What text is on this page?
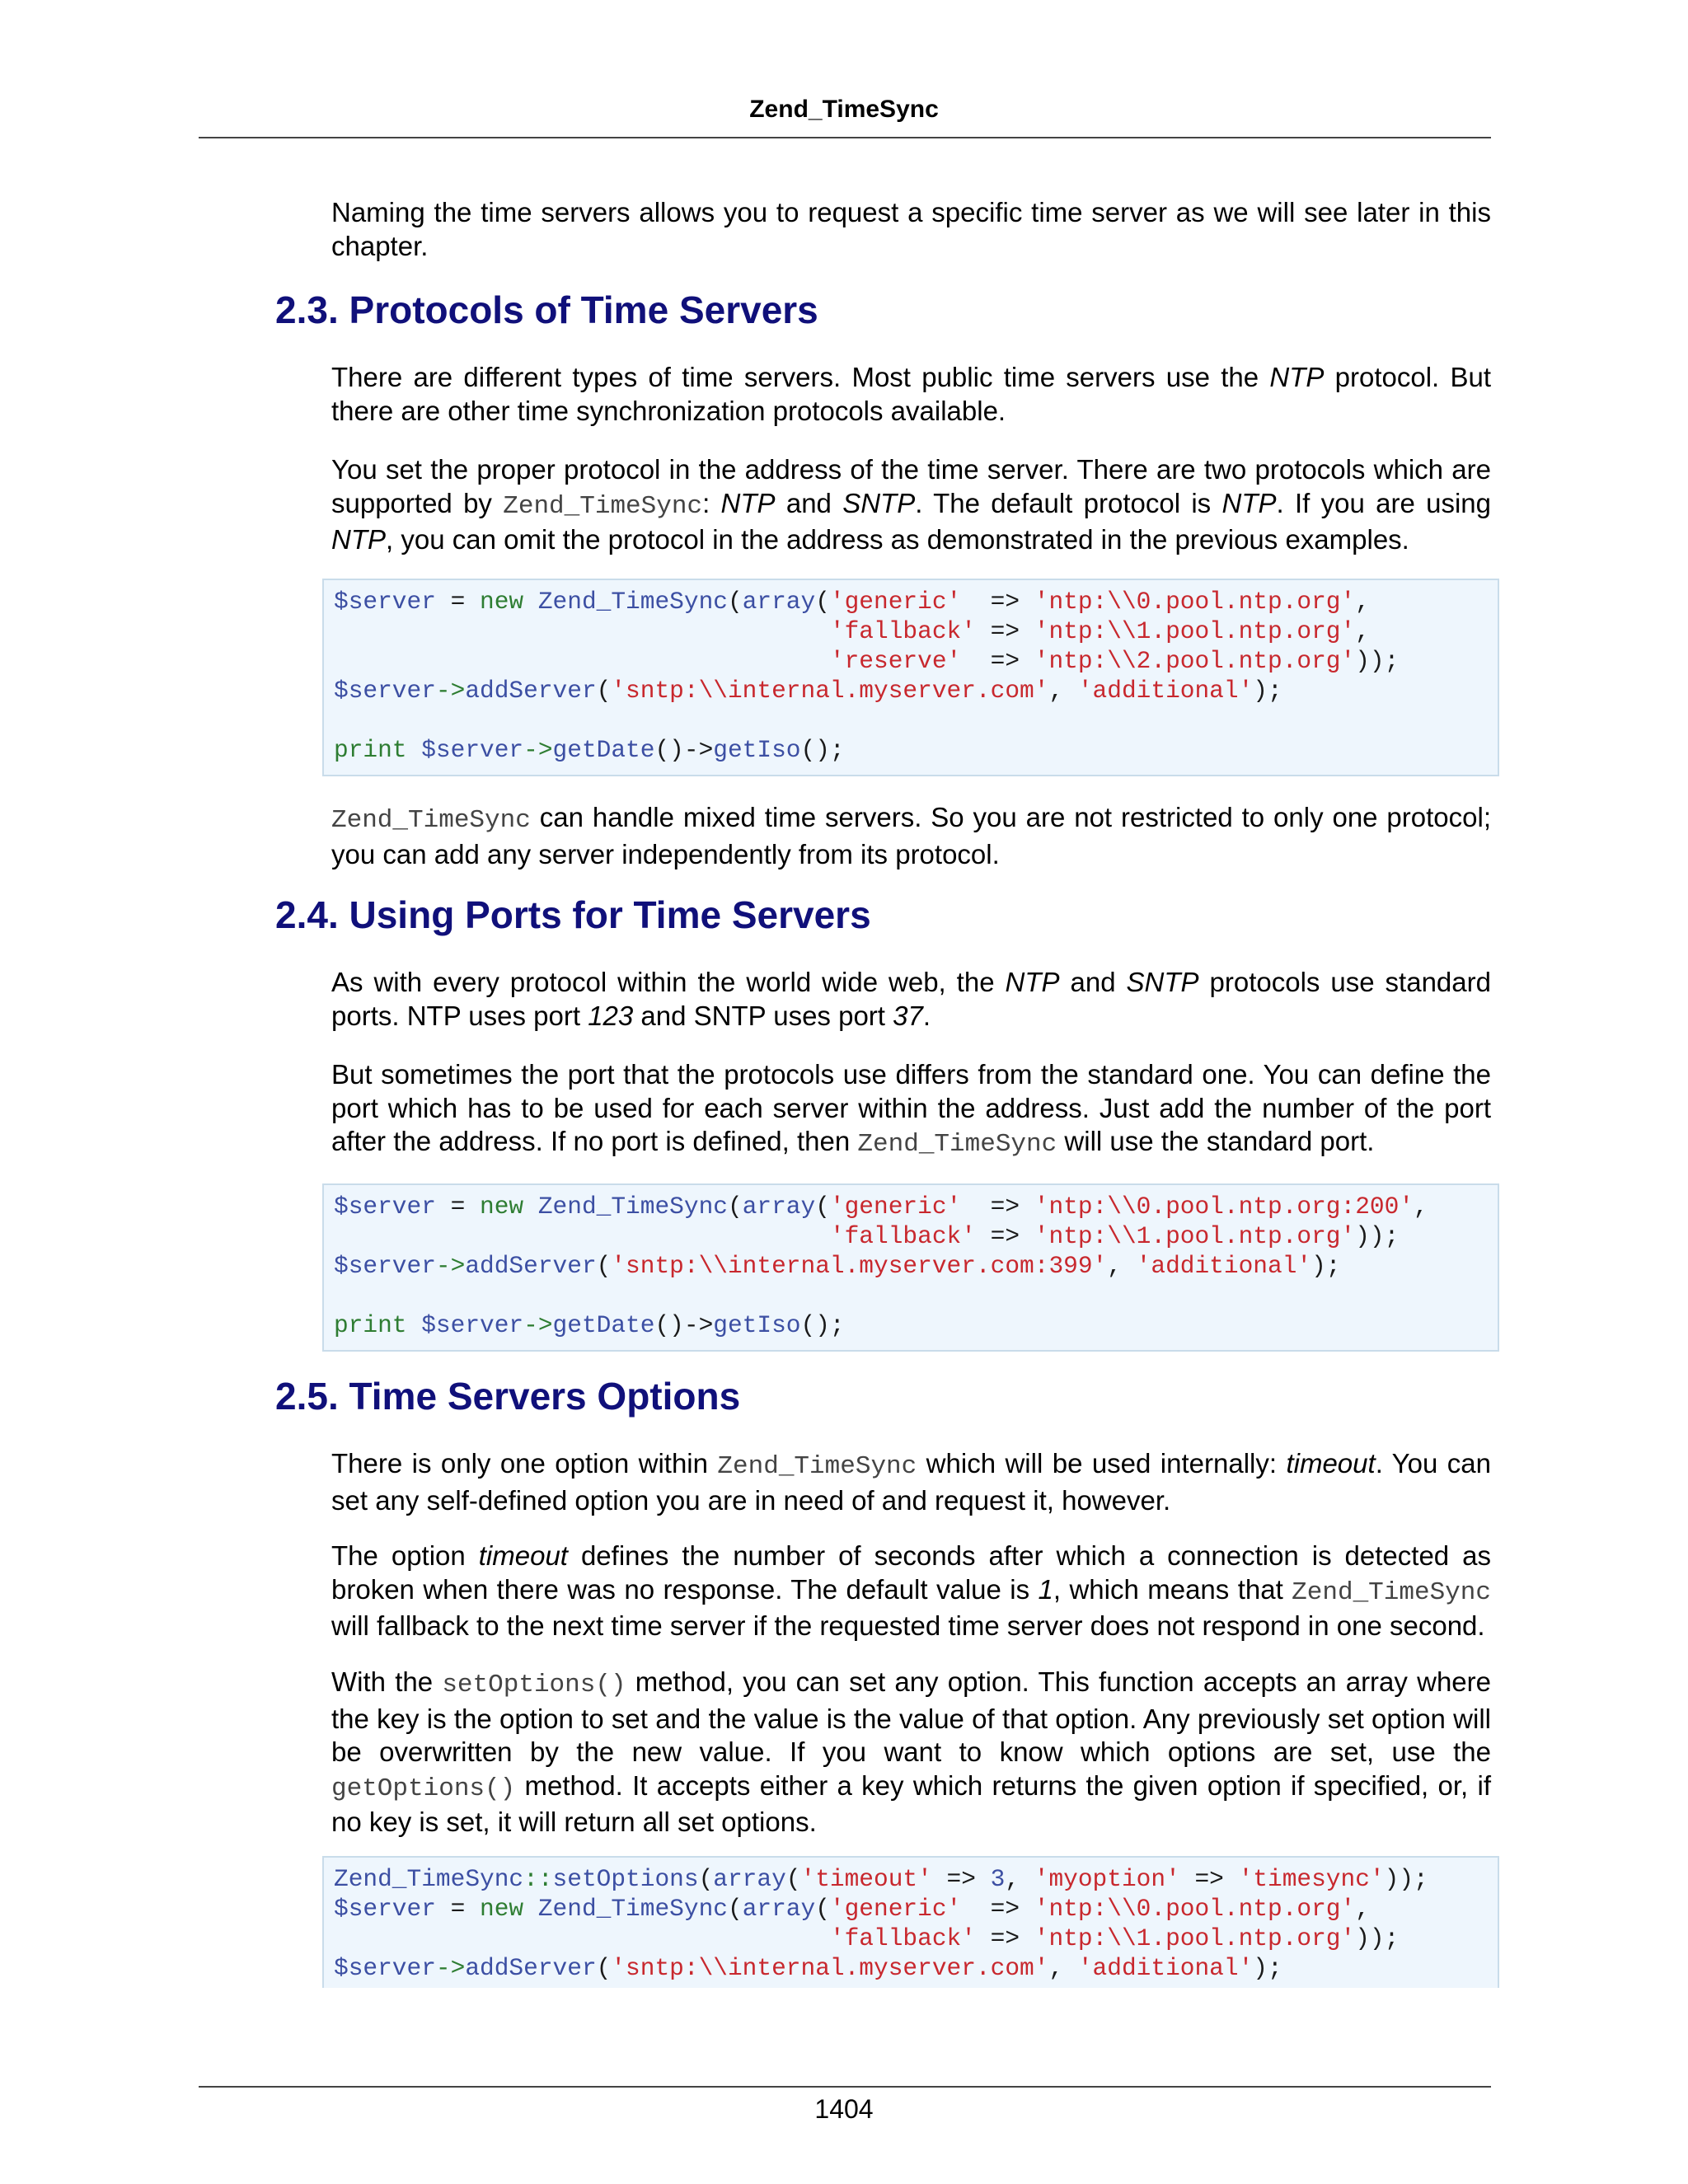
Zend_TimeSync

Naming the time servers allows you to request a specific time server as we will see later in this chapter.

2.3. Protocols of Time Servers

There are different types of time servers. Most public time servers use the NTP protocol. But there are other time synchronization protocols available.

You set the proper protocol in the address of the time server. There are two protocols which are supported by Zend_TimeSync: NTP and SNTP. The default protocol is NTP. If you are using NTP, you can omit the protocol in the address as demonstrated in the previous examples.

$server = new Zend_TimeSync(array('generic'  => 'ntp:\\0.pool.ntp.org',
'fallback' => 'ntp:\\1.pool.ntp.org',
'reserve'  => 'ntp:\\2.pool.ntp.org'));
$server->addServer('sntp:\\internal.myserver.com', 'additional');

print $server->getDate()->getIso();

Zend_TimeSync can handle mixed time servers. So you are not restricted to only one protocol; you can add any server independently from its protocol.

2.4. Using Ports for Time Servers

As with every protocol within the world wide web, the NTP and SNTP protocols use standard ports. NTP uses port 123 and SNTP uses port 37.

But sometimes the port that the protocols use differs from the standard one. You can define the port which has to be used for each server within the address. Just add the number of the port after the address. If no port is defined, then Zend_TimeSync will use the standard port.

$server = new Zend_TimeSync(array('generic'  => 'ntp:\\0.pool.ntp.org:200',
'fallback' => 'ntp:\\1.pool.ntp.org'));
$server->addServer('sntp:\\internal.myserver.com:399', 'additional');

print $server->getDate()->getIso();
2.5. Time Servers Options

There is only one option within Zend_TimeSync which will be used internally: timeout. You can set any self-defined option you are in need of and request it, however.

The option timeout defines the number of seconds after which a connection is detected as broken when there was no response. The default value is 1, which means that Zend_TimeSync will fallback to the next time server if the requested time server does not respond in one second.

With the setOptions() method, you can set any option. This function accepts an array where the key is the option to set and the value is the value of that option. Any previously set option will be overwritten by the new value. If you want to know which options are set, use the getOptions() method. It accepts either a key which returns the given option if specified, or, if no key is set, it will return all set options.

Zend_TimeSync::setOptions(array('timeout' => 3, 'myoption' => 'timesync'));
$server = new Zend_TimeSync(array('generic'  => 'ntp:\\0.pool.ntp.org',
'fallback' => 'ntp:\\1.pool.ntp.org'));
$server->addServer('sntp:\\internal.myserver.com', 'additional');
1404
